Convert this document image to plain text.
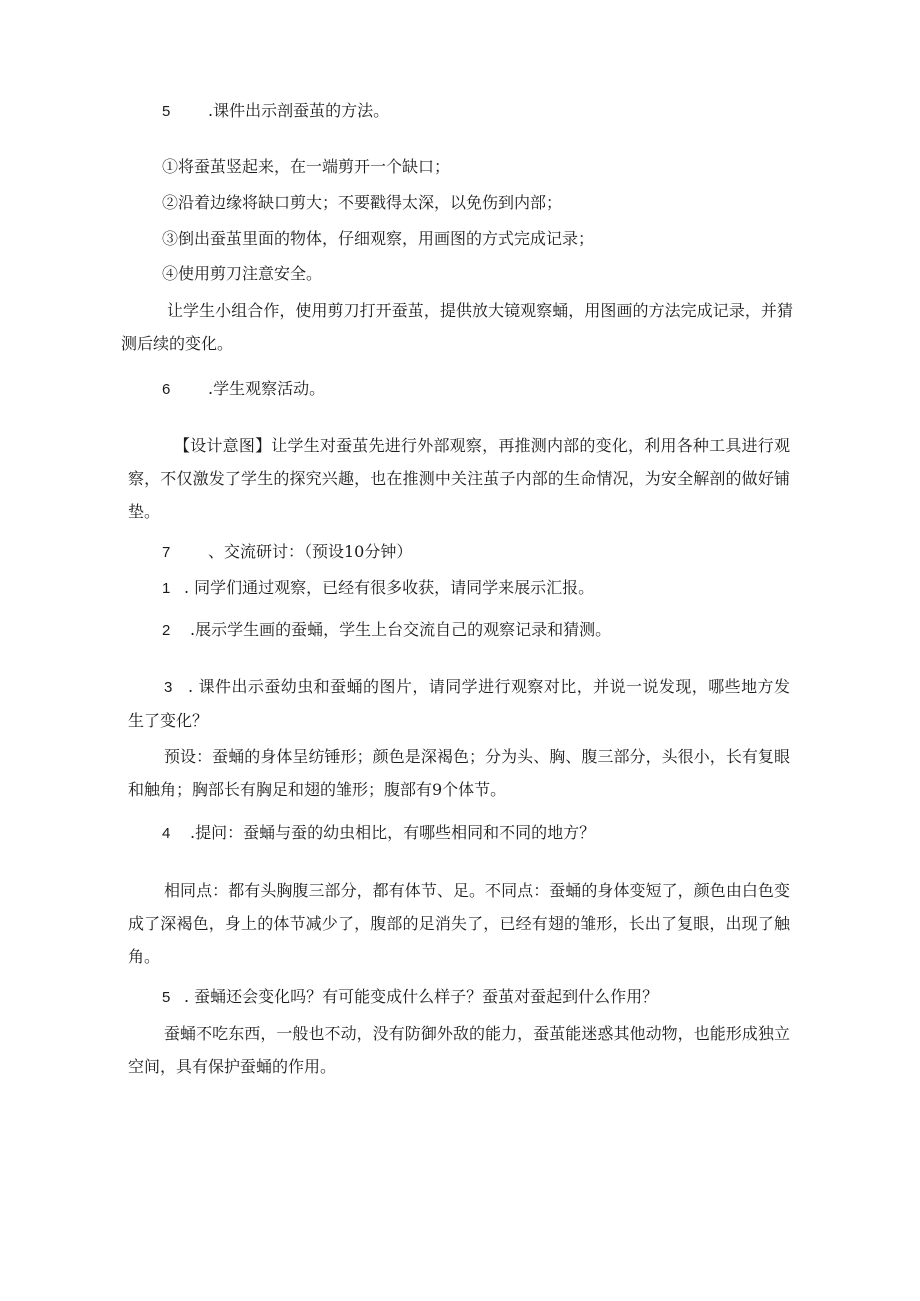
5 .课件出示剖蚕茧的方法。
①将蚕茧竖起来，在一端剪开一个缺口；
②沿着边缘将缺口剪大；不要戳得太深，以免伤到内部；
③倒出蚕茧里面的物体，仔细观察，用画图的方式完成记录；
④使用剪刀注意安全。
让学生小组合作，使用剪刀打开蚕茧，提供放大镜观察蛹，用图画的方法完成记录，并猜测后续的变化。
6 .学生观察活动。
【设计意图】让学生对蚕茧先进行外部观察，再推测内部的变化，利用各种工具进行观察，不仅激发了学生的探究兴趣，也在推测中关注茧子内部的生命情况，为安全解剖的做好铺垫。
7 、交流研讨：（预设10分钟）
1 . 同学们通过观察，已经有很多收获，请同学来展示汇报。
2 .展示学生画的蚕蛹，学生上台交流自己的观察记录和猜测。
3 . 课件出示蚕幼虫和蚕蛹的图片，请同学进行观察对比，并说一说发现，哪些地方发生了变化？
预设：蚕蛹的身体呈纺锤形；颜色是深褐色；分为头、胸、腹三部分，头很小，长有复眼和触角；胸部长有胸足和翅的雏形；腹部有9个体节。
4 .提问：蚕蛹与蚕的幼虫相比，有哪些相同和不同的地方？
相同点：都有头胸腹三部分，都有体节、足。不同点：蚕蛹的身体变短了，颜色由白色变成了深褐色，身上的体节减少了，腹部的足消失了，已经有翅的雏形，长出了复眼，出现了触角。
5 . 蚕蛹还会变化吗？有可能变成什么样子？蚕茧对蚕起到什么作用？
蚕蛹不吃东西，一般也不动，没有防御外敌的能力，蚕茧能迷惑其他动物，也能形成独立空间，具有保护蚕蛹的作用。
